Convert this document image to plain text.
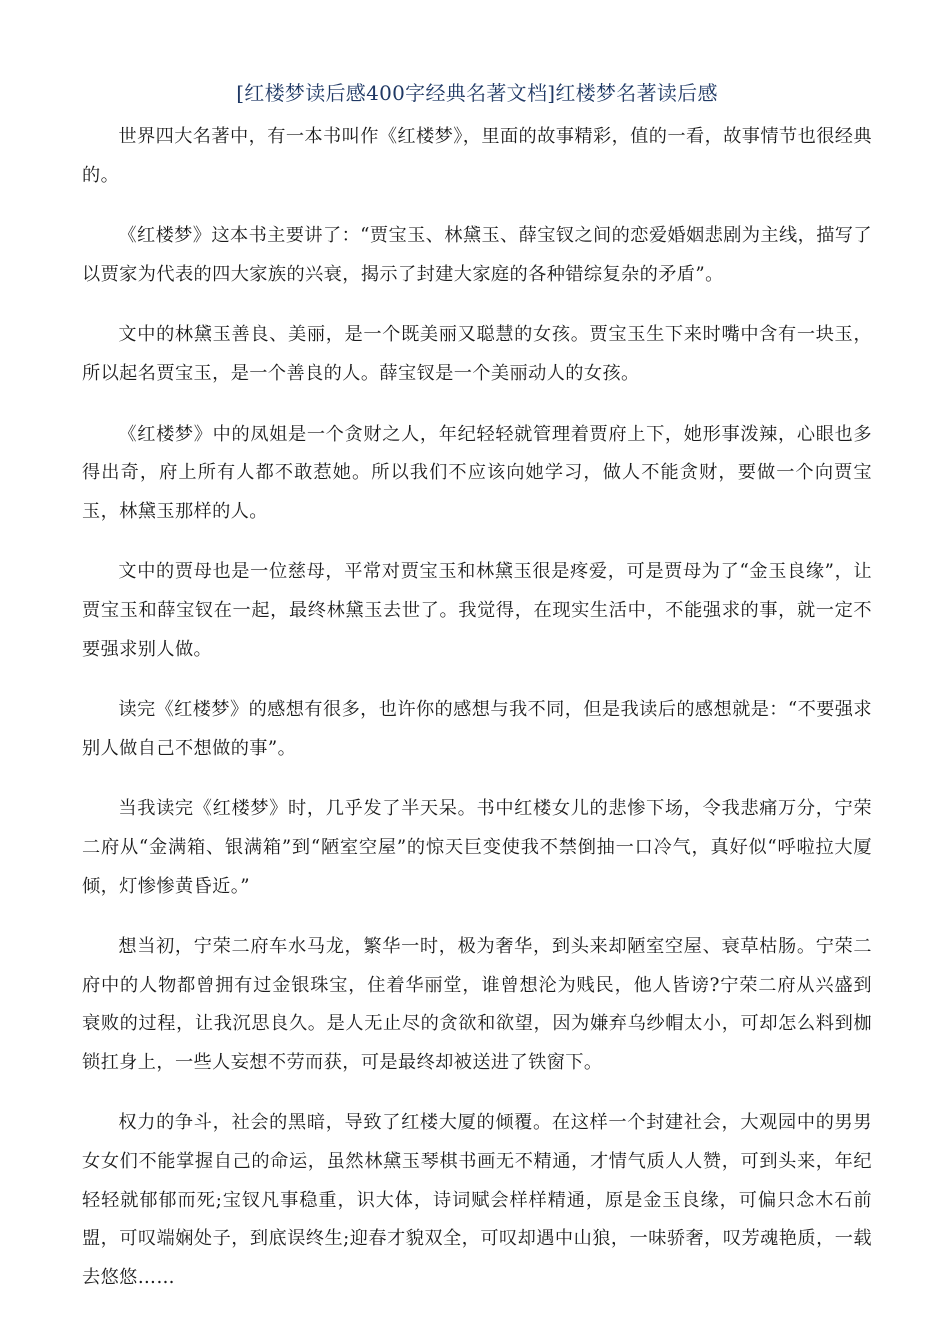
[红楼梦读后感400字经典名著文档]红楼梦名著读后感

世界四大名著中，有一本书叫作《红楼梦》，里面的故事精彩，值的一看，故事情节也很经典的。

《红楼梦》这本书主要讲了：“贾宝玉、林黛玉、薛宝钗之间的恋爱婚姻悲剧为主线，描写了以贾家为代表的四大家族的兴衰，揭示了封建大家庭的各种错综复杂的矛盾”。

文中的林黛玉善良、美丽，是一个既美丽又聪慧的女孩。贾宝玉生下来时嘴中含有一块玉，所以起名贾宝玉，是一个善良的人。薛宝钗是一个美丽动人的女孩。

《红楼梦》中的凤姐是一个贪财之人，年纪轻轻就管理着贾府上下，她形事泼辣，心眼也多得出奇，府上所有人都不敢惹她。所以我们不应该向她学习，做人不能贪财，要做一个向贾宝玉，林黛玉那样的人。

文中的贾母也是一位慈母，平常对贾宝玉和林黛玉很是疼爱，可是贾母为了“金玉良缘”，让贾宝玉和薛宝钗在一起，最终林黛玉去世了。我觉得，在现实生活中，不能强求的事，就一定不要强求别人做。

读完《红楼梦》的感想有很多，也许你的感想与我不同，但是我读后的感想就是：“不要强求别人做自己不想做的事”。

当我读完《红楼梦》时，几乎发了半天呆。书中红楼女儿的悲惨下场，令我悲痛万分，宁荣二府从“金满箱、银满箱”到“陋室空屋”的惊天巨变使我不禁倒抽一口冷气，真好似“呼啦拉大厦倾，灯惨惨黄昏近。”

想当初，宁荣二府车水马龙，繁华一时，极为奢华，到头来却陋室空屋、衰草枯肠。宁荣二府中的人物都曾拥有过金银珠宝，住着华丽堂，谁曾想沦为贱民，他人皆谤?宁荣二府从兴盛到衰败的过程，让我沉思良久。是人无止尽的贪欲和欲望，因为嫌弃乌纱帽太小，可却怎么料到枷锁扛身上，一些人妄想不劳而获，可是最终却被送进了铁窗下。

权力的争斗，社会的黑暗，导致了红楼大厦的倾覆。在这样一个封建社会，大观园中的男男女女们不能掌握自己的命运，虽然林黛玉琴棋书画无不精通，才情气质人人赞，可到头来，年纪轻轻就郁郁而死;宝钗凡事稳重，识大体，诗词赋会样样精通，原是金玉良缘，可偏只念木石前盟，可叹端娴处子，到底误终生;迎春才貌双全，可叹却遇中山狼，一味骄奢，叹芳魂艳质，一载去悠悠……
